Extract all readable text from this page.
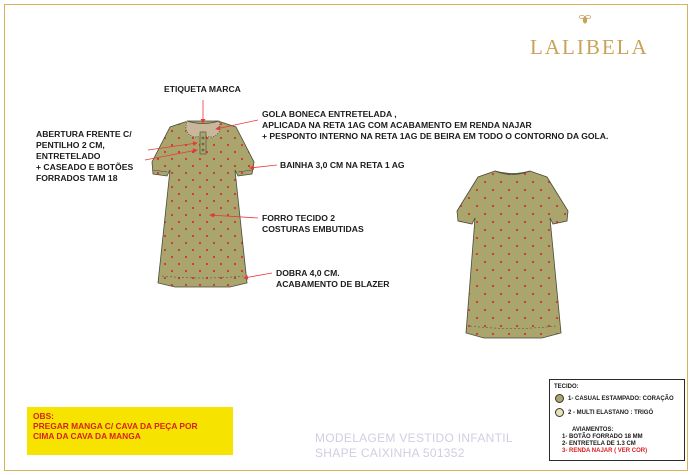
LALIBELA
ETIQUETA MARCA
GOLA BONECA ENTRETELADA ,
APLICADA NA RETA 1AG COM ACABAMENTO EM RENDA NAJAR
+ PESPONTO INTERNO NA RETA 1AG DE BEIRA EM TODO O CONTORNO DA GOLA.
ABERTURA FRENTE C/
PENTILHO 2 CM,
ENTRETELADO
+ CASEADO E BOTÕES
FORRADOS TAM 18
BAINHA 3,0 CM NA RETA 1 AG
FORRO TECIDO 2
COSTURAS EMBUTIDAS
DOBRA 4,0 CM.
ACABAMENTO DE BLAZER
OBS:
PREGAR MANGA C/ CAVA DA PEÇA POR
CIMA DA CAVA DA MANGA	MODELAGEM VESTIDO INFANTIL
SHAPE CAIXINHA 501352
TECIDO:
1- CASUAL ESTAMPADO: CORAÇÃO
2 - MULTI ELASTANO : TRIGÓ
AVIAMENTOS:
1- BOTÃO FORRADO 18 MM
2- ENTRETELA DE 1.3 CM
3- RENDA NAJAR ( VER COR)
